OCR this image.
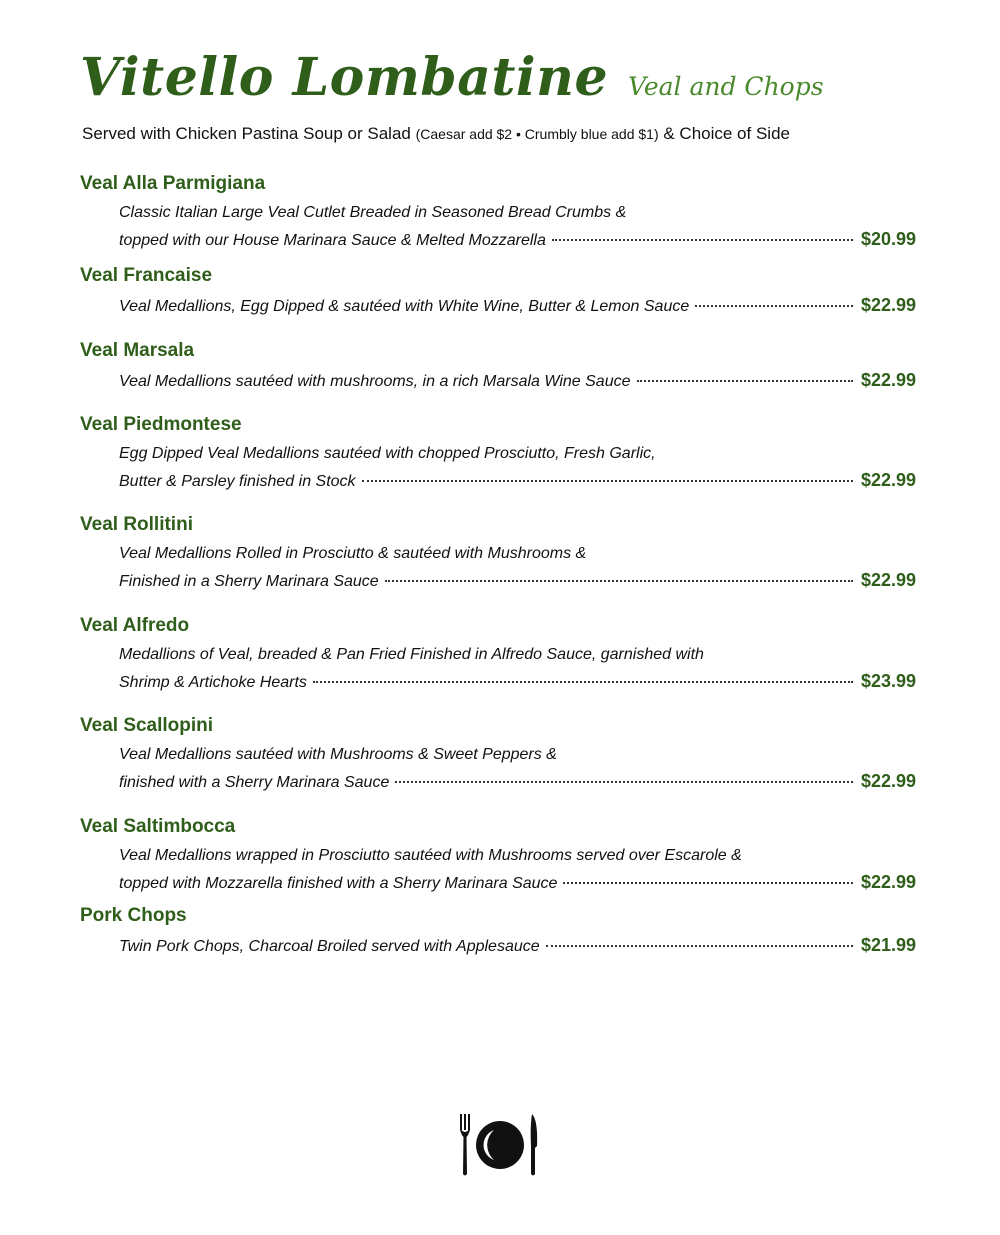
Vitello Lombatine Veal and Chops
Served with Chicken Pastina Soup or Salad (Caesar add $2 • Crumbly blue add $1) & Choice of Side
Veal Alla Parmigiana
Classic Italian Large Veal Cutlet Breaded in Seasoned Bread Crumbs &
topped with our House Marinara Sauce & Melted Mozzarella	$20.99
Veal Francaise
Veal Medallions, Egg Dipped & sautéed with White Wine, Butter & Lemon Sauce	$22.99
Veal Marsala
Veal Medallions sautéed with mushrooms, in a rich Marsala Wine Sauce	$22.99
Veal Piedmontese
Egg Dipped Veal Medallions sautéed with chopped Prosciutto, Fresh Garlic,
Butter & Parsley finished in Stock	$22.99
Veal Rollitini
Veal Medallions Rolled in Prosciutto & sautéed with Mushrooms &
Finished in a Sherry Marinara Sauce	$22.99
Veal Alfredo
Medallions of Veal, breaded & Pan Fried Finished in Alfredo Sauce, garnished with
Shrimp & Artichoke Hearts	$23.99
Veal Scallopini
Veal Medallions sautéed with Mushrooms & Sweet Peppers &
finished with a Sherry Marinara Sauce	$22.99
Veal Saltimbocca
Veal Medallions wrapped in Prosciutto sautéed with Mushrooms served over Escarole &
topped with Mozzarella finished with a Sherry Marinara Sauce	$22.99
Pork Chops
Twin Pork Chops, Charcoal Broiled served with Applesauce	$21.99
